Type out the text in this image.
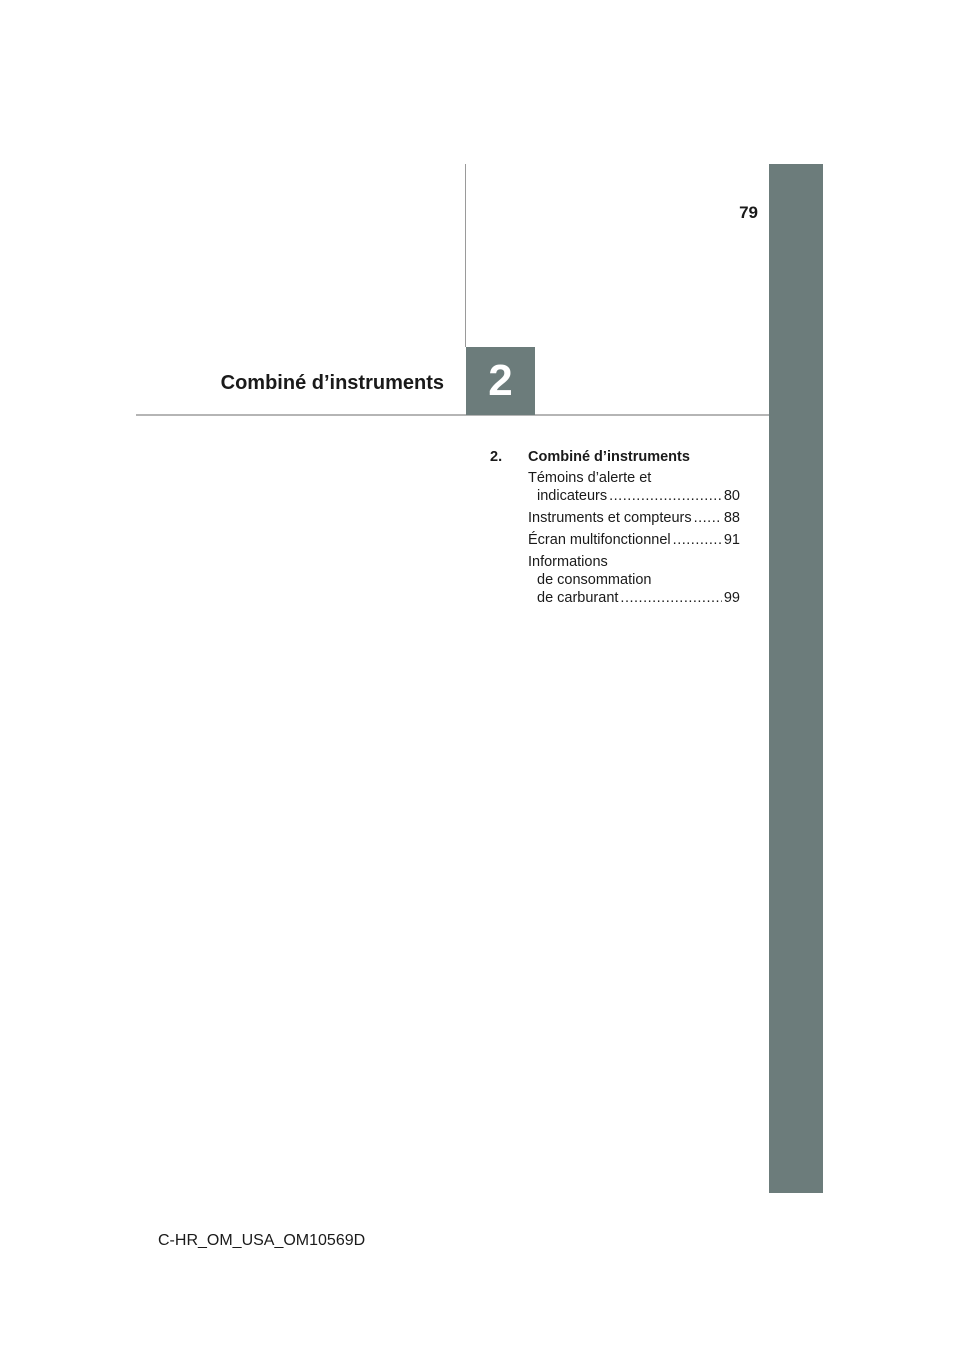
79
Combiné d’instruments 2
2.	Combiné d’instruments
Témoins d’alerte et
indicateurs .....	80
Instruments et compteurs ..... 88
Écran multifonctionnel .....	91
Informations
de consommation
de carburant .....	99
C-HR_OM_USA_OM10569D
